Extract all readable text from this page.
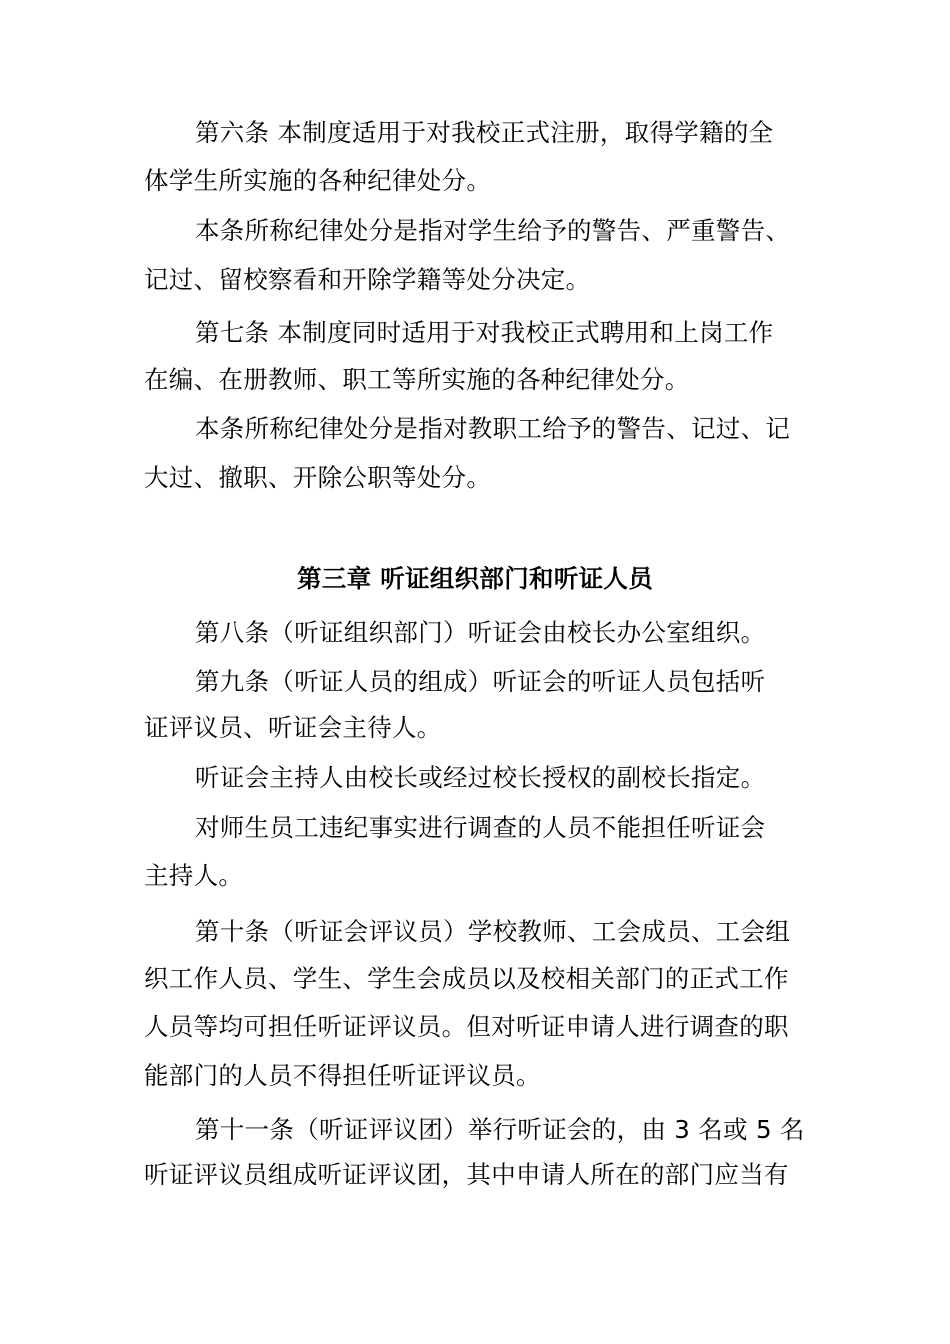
第六条 本制度适用于对我校正式注册，取得学籍的全
体学生所实施的各种纪律处分。
本条所称纪律处分是指对学生给予的警告、严重警告、
记过、留校察看和开除学籍等处分决定。
第七条 本制度同时适用于对我校正式聘用和上岗工作
在编、在册教师、职工等所实施的各种纪律处分。
本条所称纪律处分是指对教职工给予的警告、记过、记
大过、撤职、开除公职等处分。
第三章 听证组织部门和听证人员
第八条（听证组织部门）听证会由校长办公室组织。
第九条（听证人员的组成）听证会的听证人员包括听
证评议员、听证会主待人。
听证会主持人由校长或经过校长授权的副校长指定。
对师生员工违纪事实进行调查的人员不能担任听证会
主持人。
第十条（听证会评议员）学校教师、工会成员、工会组
织工作人员、学生、学生会成员以及校相关部门的正式工作
人员等均可担任听证评议员。但对听证申请人进行调查的职
能部门的人员不得担任听证评议员。
第十一条（听证评议团）举行听证会的，由 3 名或 5 名
听证评议员组成听证评议团，其中申请人所在的部门应当有
